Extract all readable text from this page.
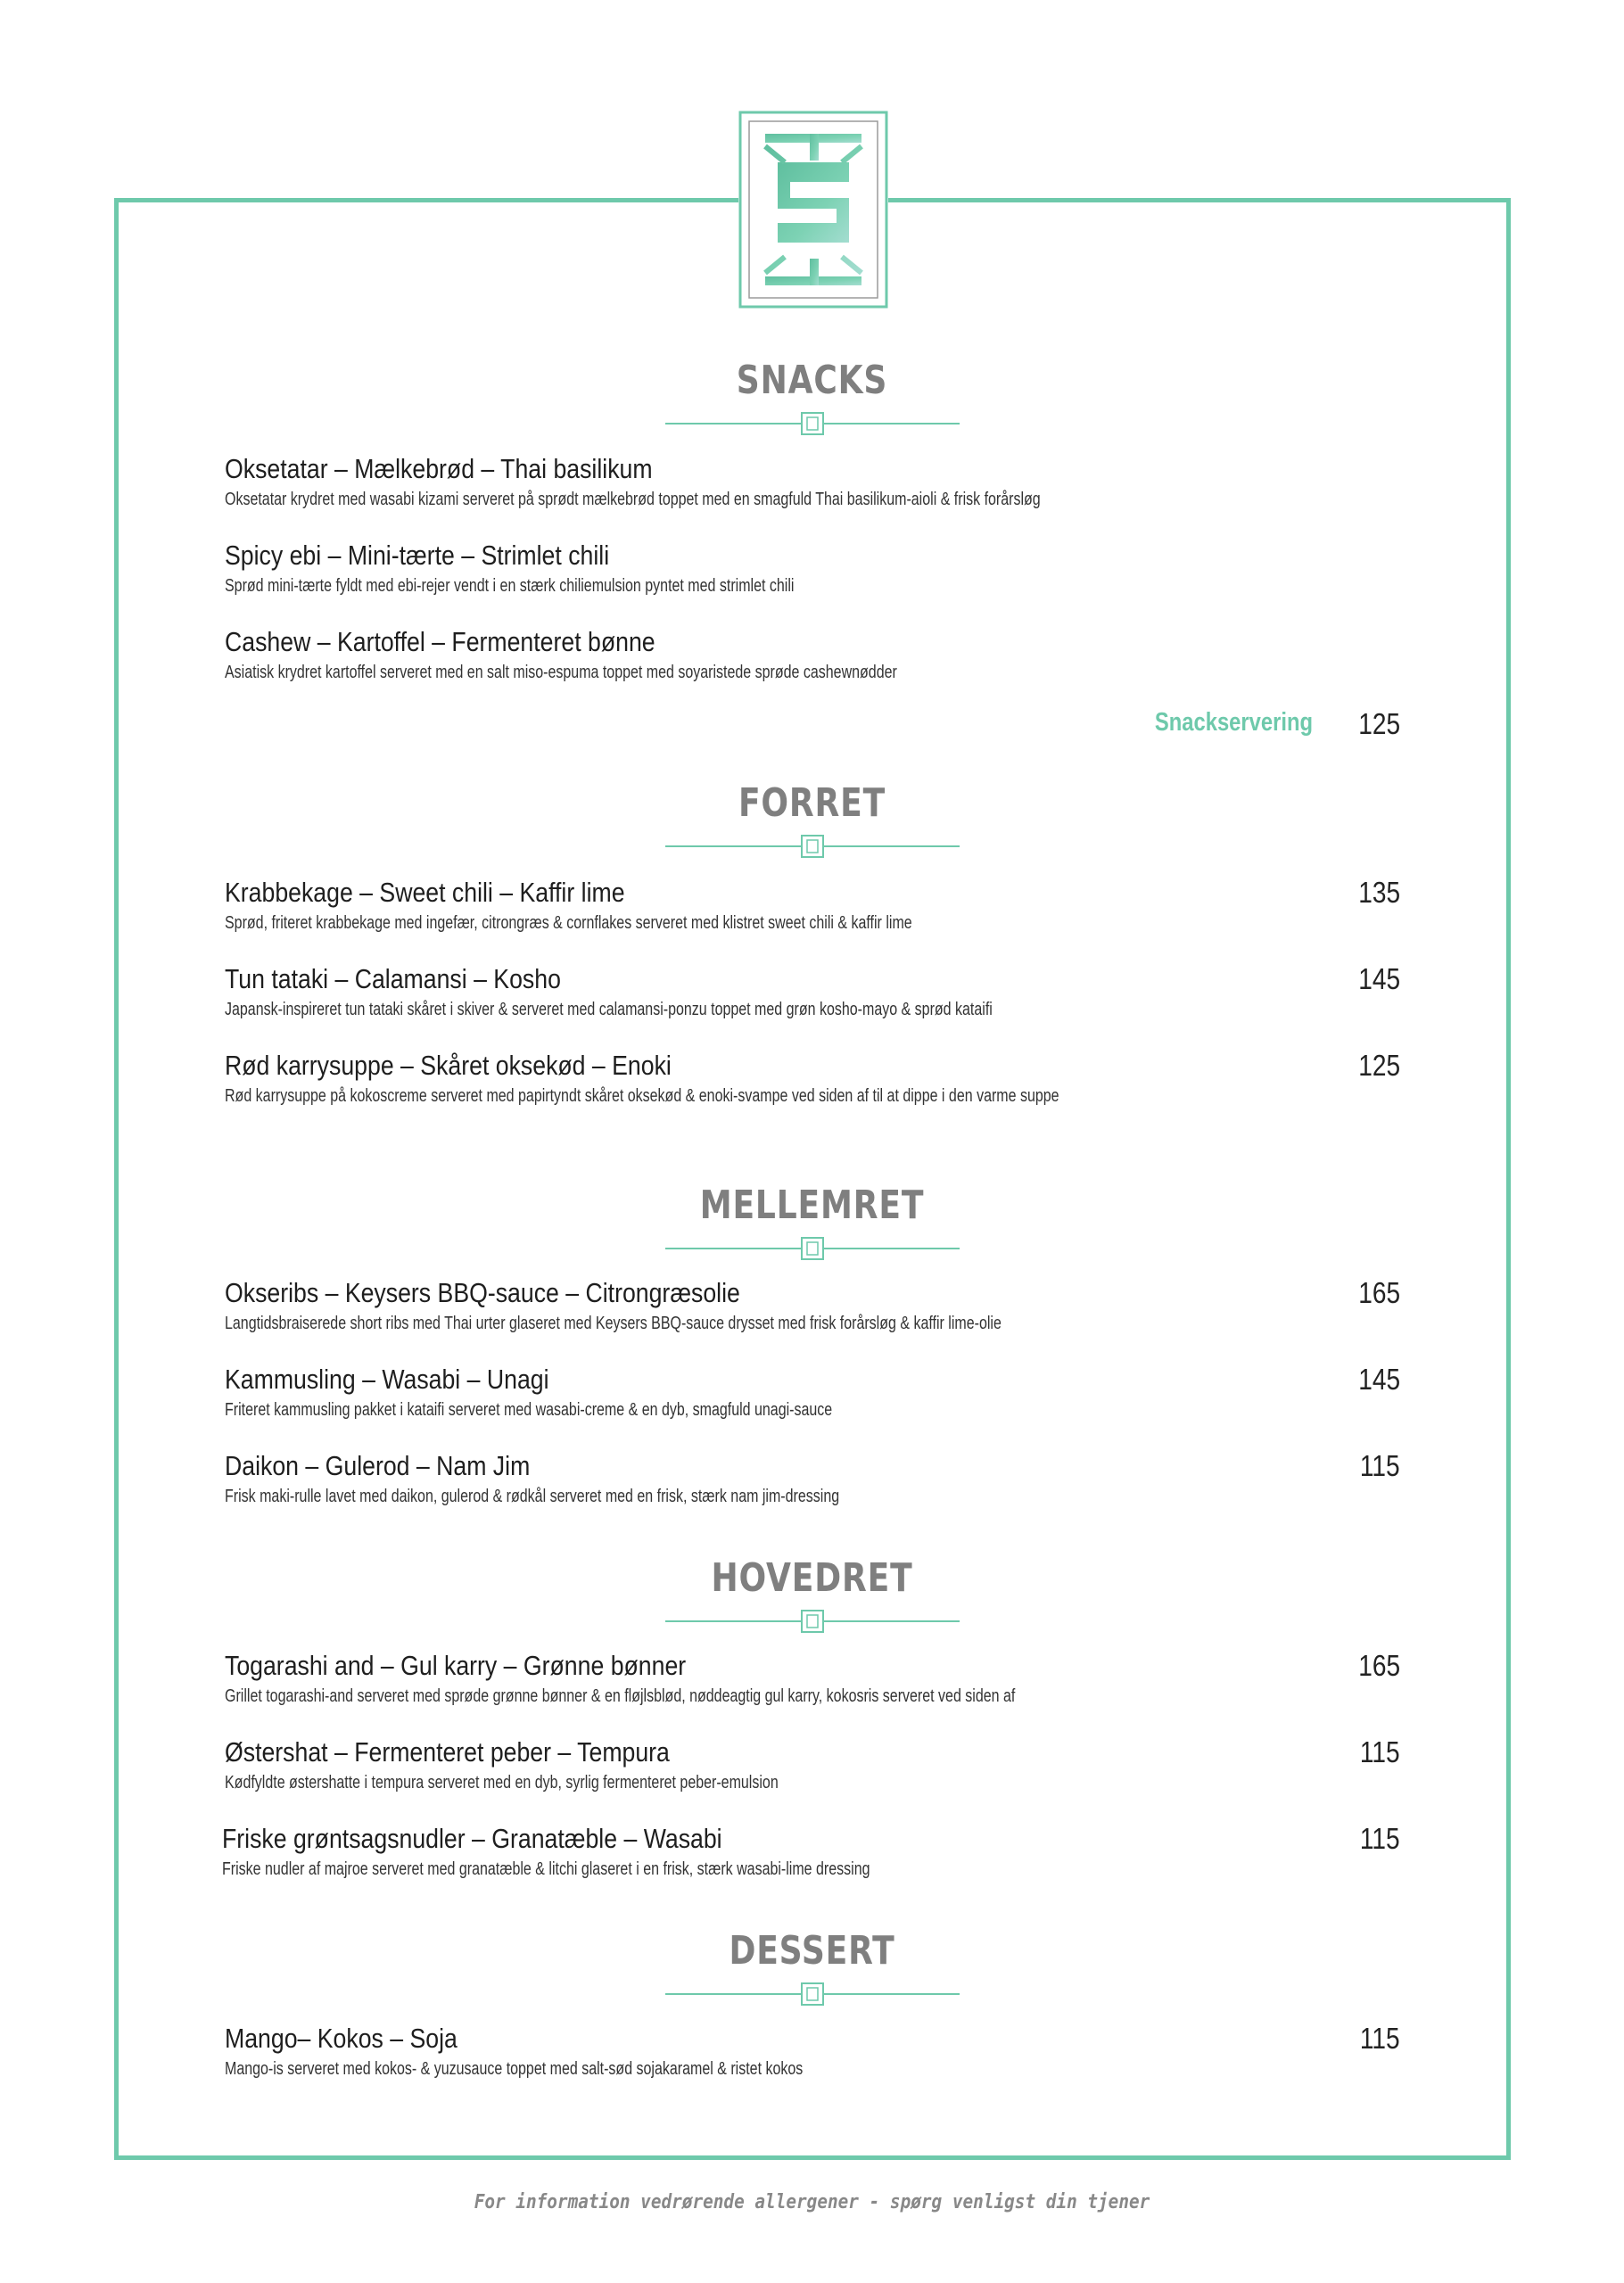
SNACKS
Oksetatar – Mælkebrød – Thai basilikum
Oksetatar krydret med wasabi kizami serveret på sprødt mælkebrød toppet med en smagfuld Thai basilikum-aioli & frisk forårsløg
Spicy ebi – Mini-tærte – Strimlet chili
Sprød mini-tærte fyldt med ebi-rejer vendt i en stærk chiliemulsion pyntet med strimlet chili
Cashew – Kartoffel – Fermenteret bønne
Asiatisk krydret kartoffel serveret med en salt miso-espuma toppet med soyaristede sprøde cashewnødder
Snackservering 125
FORRET
Krabbekage – Sweet chili – Kaffir lime	135
Sprød, friteret krabbekage med ingefær, citrongræs & cornflakes serveret med klistret sweet chili & kaffir lime
Tun tataki – Calamansi – Kosho	145
Japansk-inspireret tun tataki skåret i skiver & serveret med calamansi-ponzu toppet med grøn kosho-mayo & sprød kataifi
Rød karrysuppe – Skåret oksekød – Enoki	125
Rød karrysuppe på kokoscreme serveret med papirtyndt skåret oksekød & enoki-svampe ved siden af til at dippe i den varme suppe
MELLEMRET
Okseribs – Keysers BBQ-sauce – Citrongræsolie	165
Langtidsbraiserede short ribs med Thai urter glaseret med Keysers BBQ-sauce drysset med frisk forårsløg & kaffir lime-olie
Kammusling – Wasabi – Unagi	145
Friteret kammusling pakket i kataifi serveret med wasabi-creme & en dyb, smagfuld unagi-sauce
Daikon – Gulerod – Nam Jim	115
Frisk maki-rulle lavet med daikon, gulerod & rødkål serveret med en frisk, stærk nam jim-dressing
HOVEDRET
Togarashi and – Gul karry – Grønne bønner	165
Grillet togarashi-and serveret med sprøde grønne bønner & en fløjlsblød, nøddeagtig gul karry, kokosris serveret ved siden af
Østershat – Fermenteret peber – Tempura	115
Kødfyldte østershatte i tempura serveret med en dyb, syrlig fermenteret peber-emulsion
Friske grøntsagsnudler – Granatæble – Wasabi	115
Friske nudler af majroe serveret med granatæble & litchi glaseret i en frisk, stærk wasabi-lime dressing
DESSERT
Mango– Kokos – Soja	115
Mango-is serveret med kokos- & yuzusauce toppet med salt-sød sojakaramel & ristet kokos
For information vedrørende allergener - spørg venligst din tjener
